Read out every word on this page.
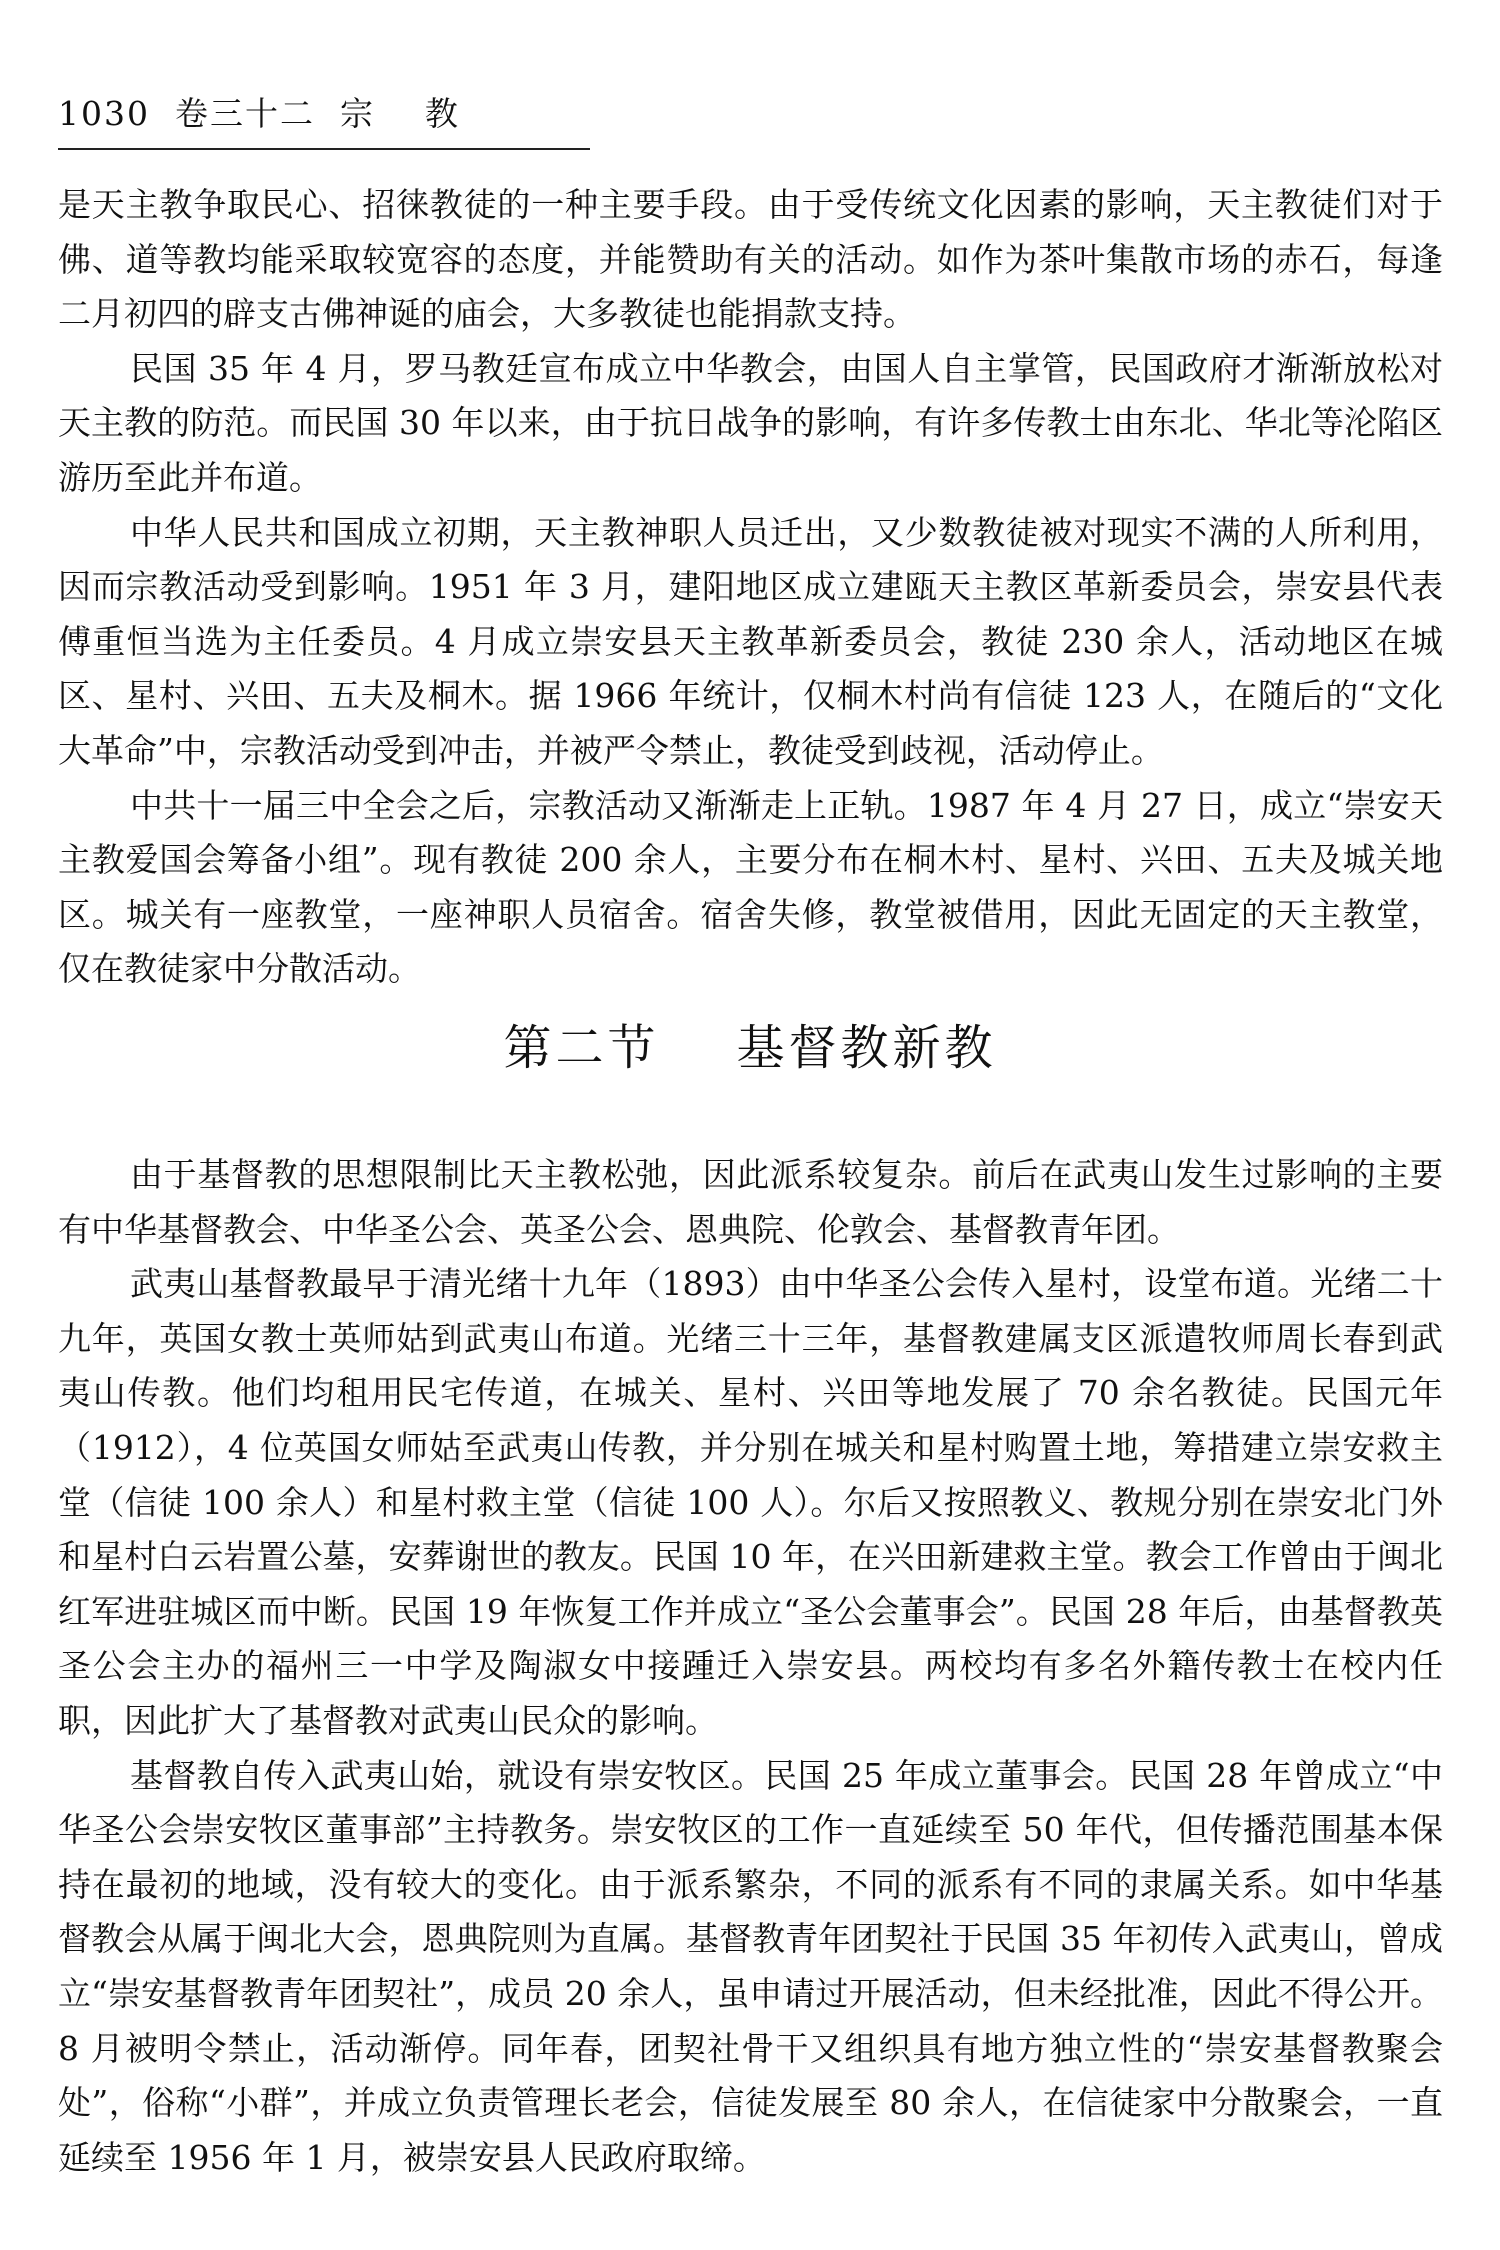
1030  卷三十二  宗    教

是天主教争取民心、招徕教徒的一种主要手段。由于受传统文化因素的影响，天主教徒们对于佛、道等教均能采取较宽容的态度，并能赞助有关的活动。如作为茶叶集散市场的赤石，每逢二月初四的辟支古佛神诞的庙会，大多教徒也能捐款支持。

民国 35 年 4 月，罗马教廷宣布成立中华教会，由国人自主掌管，民国政府才渐渐放松对天主教的防范。而民国 30 年以来，由于抗日战争的影响，有许多传教士由东北、华北等沦陷区游历至此并布道。

中华人民共和国成立初期，天主教神职人员迁出，又少数教徒被对现实不满的人所利用，因而宗教活动受到影响。1951 年 3 月，建阳地区成立建瓯天主教区革新委员会，崇安县代表傅重恒当选为主任委员。4 月成立崇安县天主教革新委员会，教徒 230 余人，活动地区在城区、星村、兴田、五夫及桐木。据 1966 年统计，仅桐木村尚有信徒 123 人，在随后的“文化大革命”中，宗教活动受到冲击，并被严令禁止，教徒受到歧视，活动停止。

中共十一届三中全会之后，宗教活动又渐渐走上正轨。1987 年 4 月 27 日，成立“崇安天主教爱国会筹备小组”。现有教徒 200 余人，主要分布在桐木村、星村、兴田、五夫及城关地区。城关有一座教堂，一座神职人员宿舍。宿舍失修，教堂被借用，因此无固定的天主教堂，仅在教徒家中分散活动。

第二节    基督教新教

由于基督教的思想限制比天主教松弛，因此派系较复杂。前后在武夷山发生过影响的主要有中华基督教会、中华圣公会、英圣公会、恩典院、伦敦会、基督教青年团。

武夷山基督教最早于清光绪十九年（1893）由中华圣公会传入星村，设堂布道。光绪二十九年，英国女教士英师姑到武夷山布道。光绪三十三年，基督教建属支区派遣牧师周长春到武夷山传教。他们均租用民宅传道，在城关、星村、兴田等地发展了 70 余名教徒。民国元年（1912），4 位英国女师姑至武夷山传教，并分别在城关和星村购置土地，筹措建立崇安救主堂（信徒 100 余人）和星村救主堂（信徒 100 人）。尔后又按照教义、教规分别在崇安北门外和星村白云岩置公墓，安葬谢世的教友。民国 10 年，在兴田新建救主堂。教会工作曾由于闽北红军进驻城区而中断。民国 19 年恢复工作并成立“圣公会董事会”。民国 28 年后，由基督教英圣公会主办的福州三一中学及陶淑女中接踵迁入崇安县。两校均有多名外籍传教士在校内任职，因此扩大了基督教对武夷山民众的影响。

基督教自传入武夷山始，就设有崇安牧区。民国 25 年成立董事会。民国 28 年曾成立“中华圣公会崇安牧区董事部”主持教务。崇安牧区的工作一直延续至 50 年代，但传播范围基本保持在最初的地域，没有较大的变化。由于派系繁杂，不同的派系有不同的隶属关系。如中华基督教会从属于闽北大会，恩典院则为直属。基督教青年团契社于民国 35 年初传入武夷山，曾成立“崇安基督教青年团契社”，成员 20 余人，虽申请过开展活动，但未经批准，因此不得公开。8 月被明令禁止，活动渐停。同年春，团契社骨干又组织具有地方独立性的“崇安基督教聚会处”，俗称“小群”，并成立负责管理长老会，信徒发展至 80 余人，在信徒家中分散聚会，一直延续至 1956 年 1 月，被崇安县人民政府取缔。
